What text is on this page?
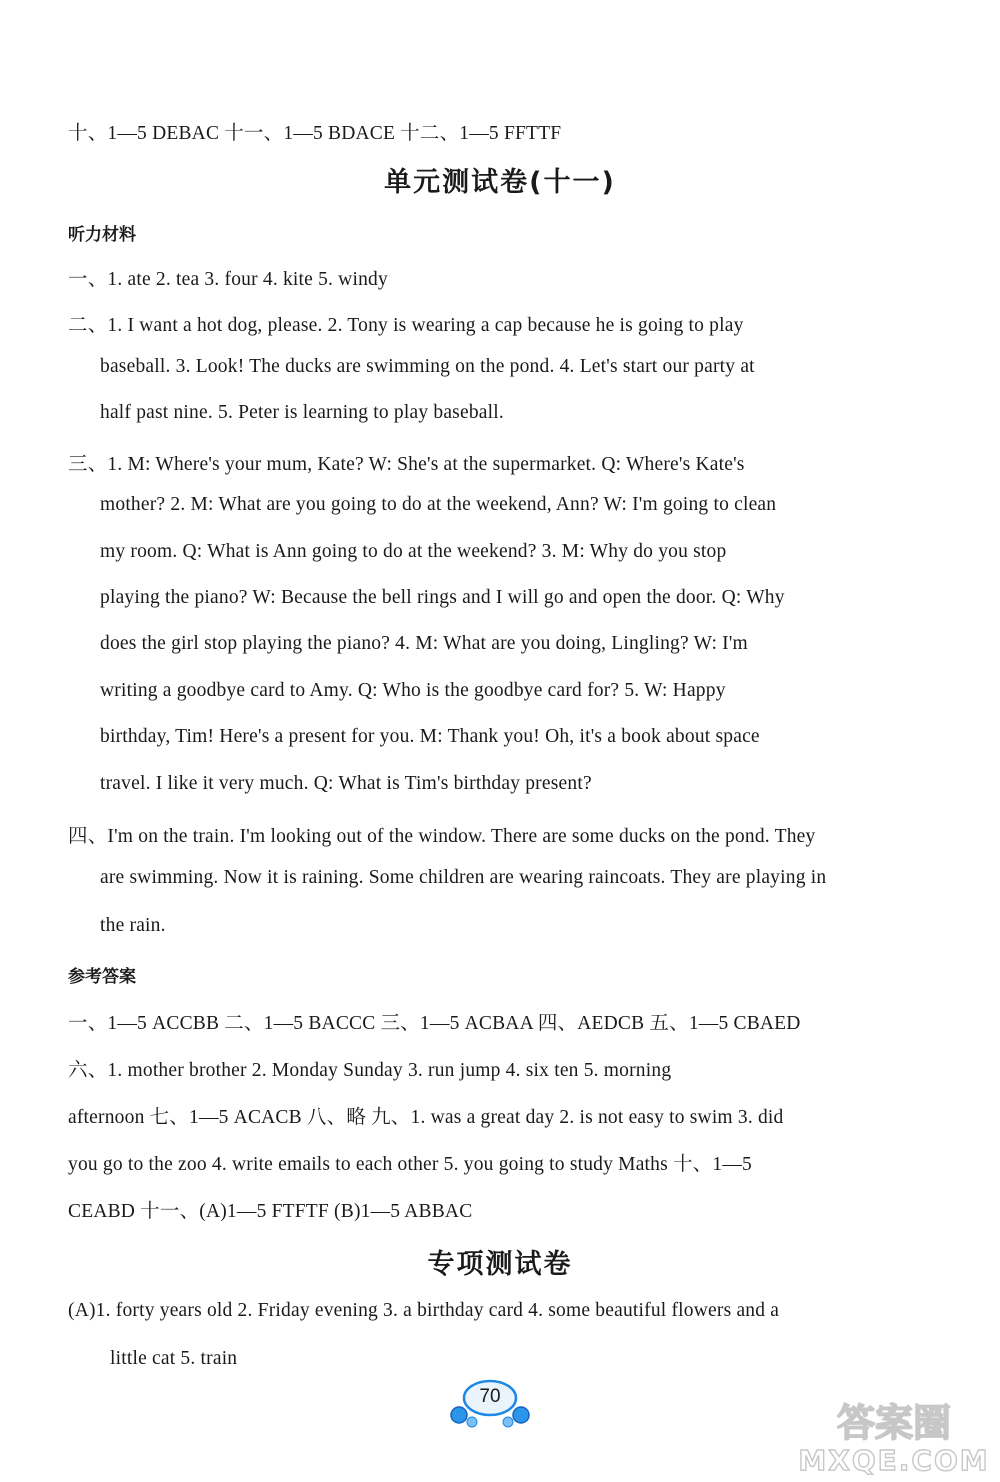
十、1—5 DEBAC 十一、1—5 BDACE 十二、1—5 FFTTF
单元测试卷(十一)
听力材料
一、1. ate 2. tea 3. four 4. kite 5. windy
二、1. I want a hot dog, please. 2. Tony is wearing a cap because he is going to play
baseball. 3. Look! The ducks are swimming on the pond. 4. Let's start our party at
half past nine. 5. Peter is learning to play baseball.
三、1. M: Where's your mum, Kate? W: She's at the supermarket. Q: Where's Kate's
mother? 2. M: What are you going to do at the weekend, Ann? W: I'm going to clean
my room. Q: What is Ann going to do at the weekend? 3. M: Why do you stop
playing the piano? W: Because the bell rings and I will go and open the door. Q: Why
does the girl stop playing the piano? 4. M: What are you doing, Lingling? W: I'm
writing a goodbye card to Amy. Q: Who is the goodbye card for? 5. W: Happy
birthday, Tim! Here's a present for you. M: Thank you! Oh, it's a book about space
travel. I like it very much. Q: What is Tim's birthday present?
四、I'm on the train. I'm looking out of the window. There are some ducks on the pond. They
are swimming. Now it is raining. Some children are wearing raincoats. They are playing in
the rain.
参考答案
一、1—5 ACCBB 二、1—5 BACCC 三、1—5 ACBAA 四、AEDCB 五、1—5 CBAED
六、1. mother brother 2. Monday Sunday 3. run jump 4. six ten 5. morning
afternoon 七、1—5 ACACB 八、略 九、1. was a great day 2. is not easy to swim 3. did
you go to the zoo 4. write emails to each other 5. you going to study Maths 十、1—5
CEABD 十一、(A)1—5 FTFTF (B)1—5 ABBAC
专项测试卷
(A)1. forty years old 2. Friday evening 3. a birthday card 4. some beautiful flowers and a
little cat 5. train
70
答案圈
MXQE.COM
